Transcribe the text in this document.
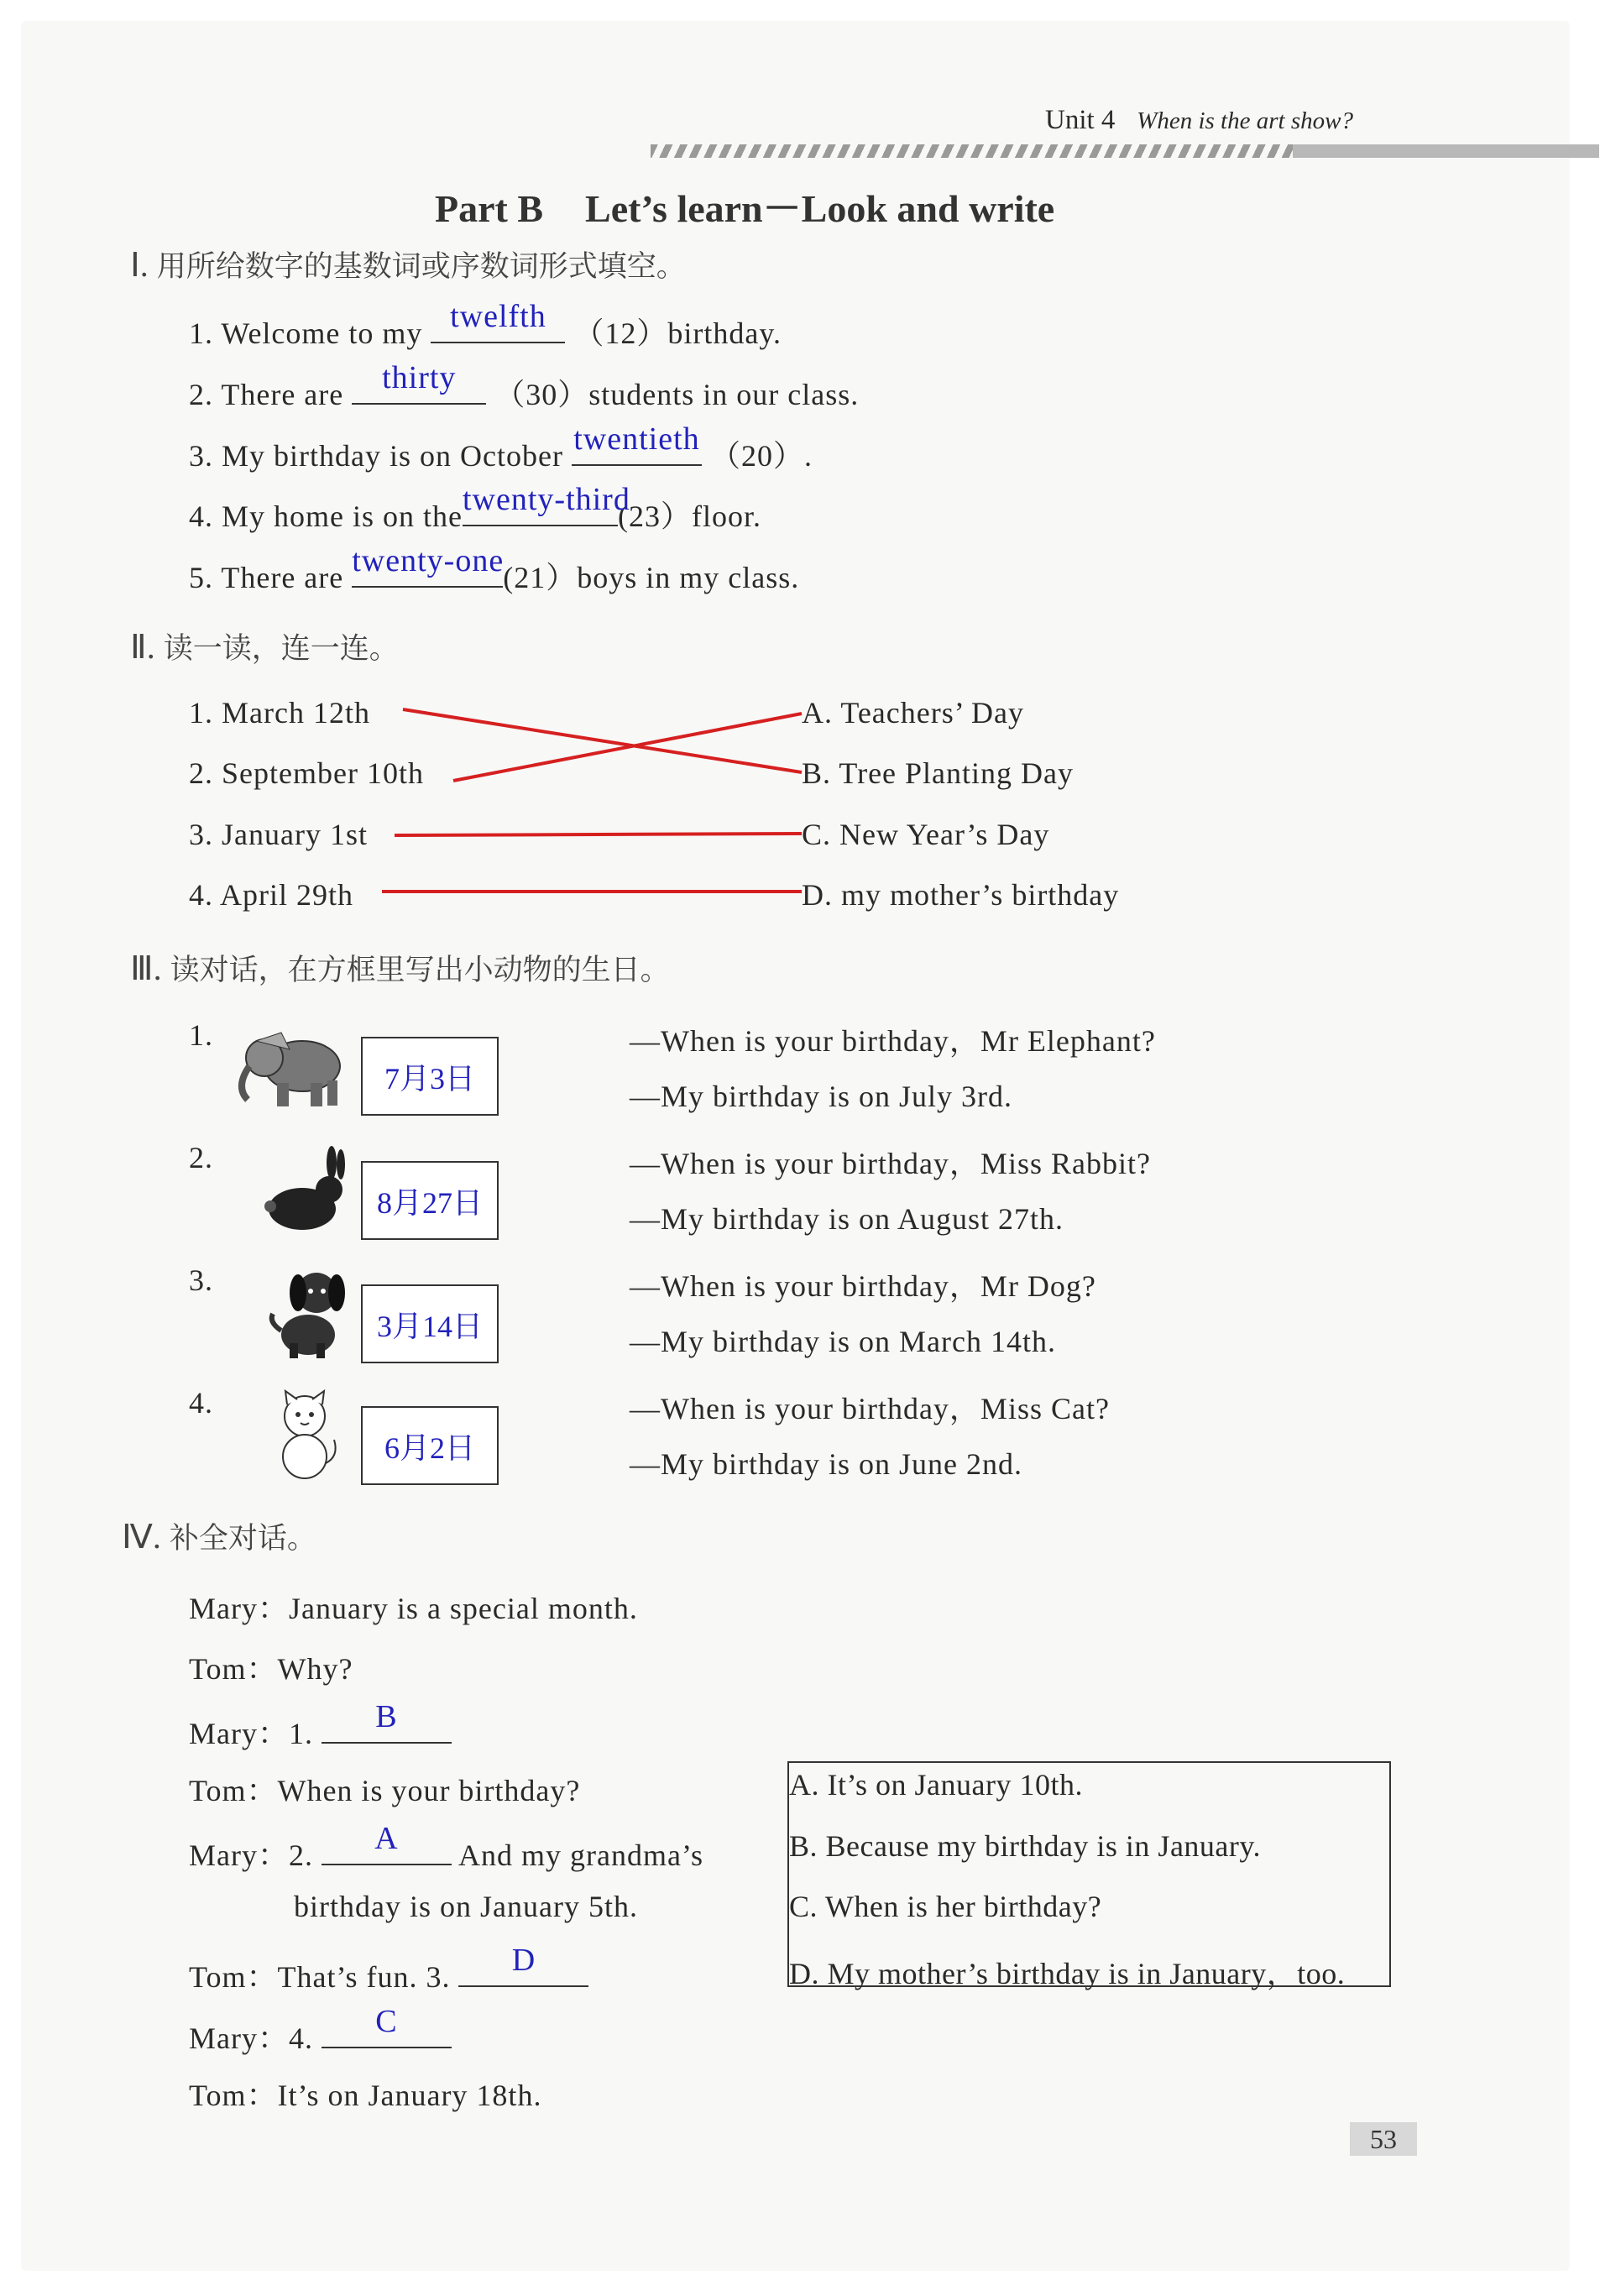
Unit 4 When is the art show?
Part B Let’s learn－Look and write
Ⅰ. 用所给数字的基数词或序数词形式填空。
1. Welcome to my twelfth （12）birthday.
2. There are	thirty	（30）students in our class.
3. My birthday is on October twentieth （20）.
4. My home is on the twenty-third
(23）floor.
5. There are twenty-one (21）boys in my class.
Ⅱ. 读一读，连一连。
1. March 12th
2. September 10th
3. January 1st
4. April 29th
A. Teachers’ Day
B. Tree Planting Day
C. New Year’s Day
D. my mother’s birthday
Ⅲ. 读对话，在方框里写出小动物的生日。
1.
7月3日
—When is your birthday，Mr Elephant?
—My birthday is on July 3rd.
2.
8月27日
—When is your birthday，Miss Rabbit?
—My birthday is on August 27th.
3.
3月14日
—When is your birthday，Mr Dog?
—My birthday is on March 14th.
4.
6月2日
—When is your birthday，Miss Cat?
—My birthday is on June 2nd.
Ⅳ. 补全对话。
Mary：January is a special month.
Tom：Why?
Mary：1.	B
Tom：When is your birthday?
Mary：2.	A	And my grandma’s
birthday is on January 5th.
Tom：That’s fun. 3.	D
Mary：4.	C
Tom：It’s on January 18th.
A. It’s on January 10th.
B. Because my birthday is in January.
C. When is her birthday?
D. My mother’s birthday is in January，too.
53
